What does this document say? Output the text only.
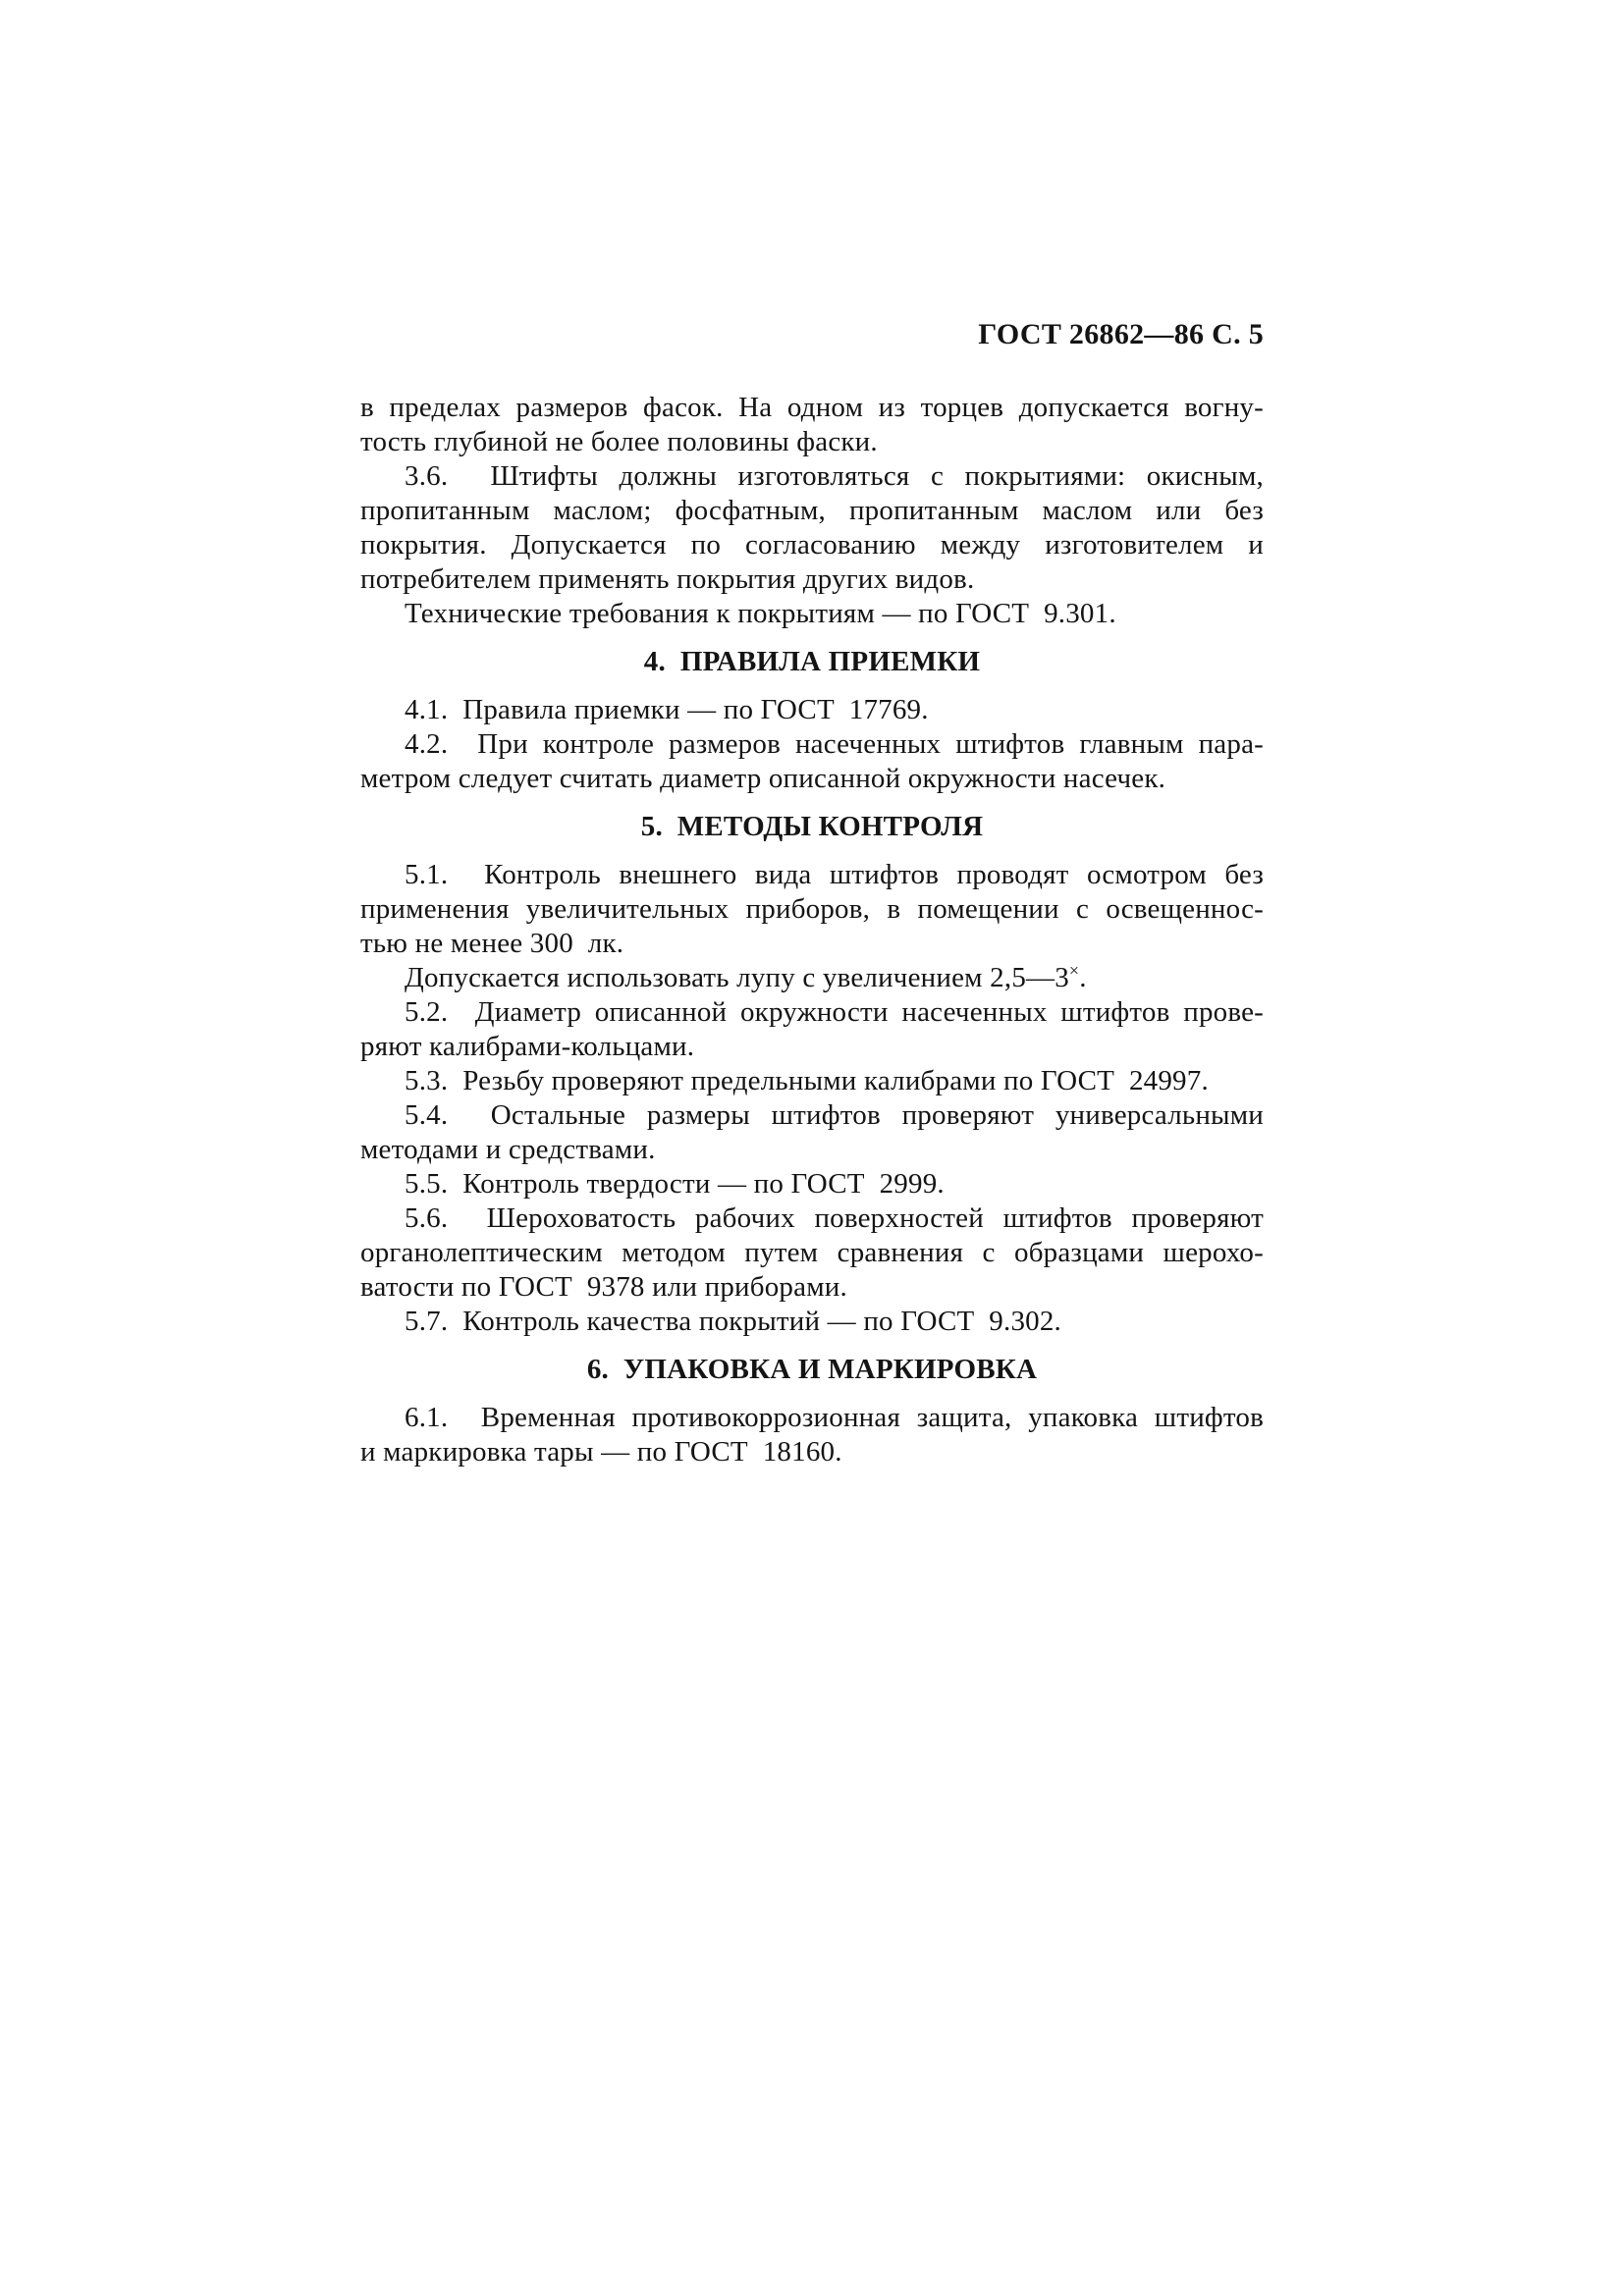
ГОСТ 26862—86 С. 5
в пределах размеров фасок. На одном из торцев допускается вогну-
тость глубиной не более половины фаски.
3.6.  Штифты должны изготовляться с покрытиями: окисным,
пропитанным маслом; фосфатным, пропитанным маслом или без
покрытия. Допускается по согласованию между изготовителем и
потребителем применять покрытия других видов.
Технические требования к покрытиям — по ГОСТ  9.301.
4.  ПРАВИЛА ПРИЕМКИ
4.1.  Правила приемки — по ГОСТ  17769.
4.2.  При контроле размеров насеченных штифтов главным пара-
метром следует считать диаметр описанной окружности насечек.
5.  МЕТОДЫ КОНТРОЛЯ
5.1.  Контроль внешнего вида штифтов проводят осмотром без
применения увеличительных приборов, в помещении с освещеннос-
тью не менее 300  лк.
Допускается использовать лупу с увеличением 2,5—3×.
5.2.  Диаметр описанной окружности насеченных штифтов прове-
ряют калибрами-кольцами.
5.3.  Резьбу проверяют предельными калибрами по ГОСТ  24997.
5.4.  Остальные размеры штифтов проверяют универсальными
методами и средствами.
5.5.  Контроль твердости — по ГОСТ  2999.
5.6.  Шероховатость рабочих поверхностей штифтов проверяют
органолептическим методом путем сравнения с образцами шерохо-
ватости по ГОСТ  9378 или приборами.
5.7.  Контроль качества покрытий — по ГОСТ  9.302.
6.  УПАКОВКА И МАРКИРОВКА
6.1.  Временная противокоррозионная защита, упаковка штифтов
и маркировка тары — по ГОСТ  18160.
